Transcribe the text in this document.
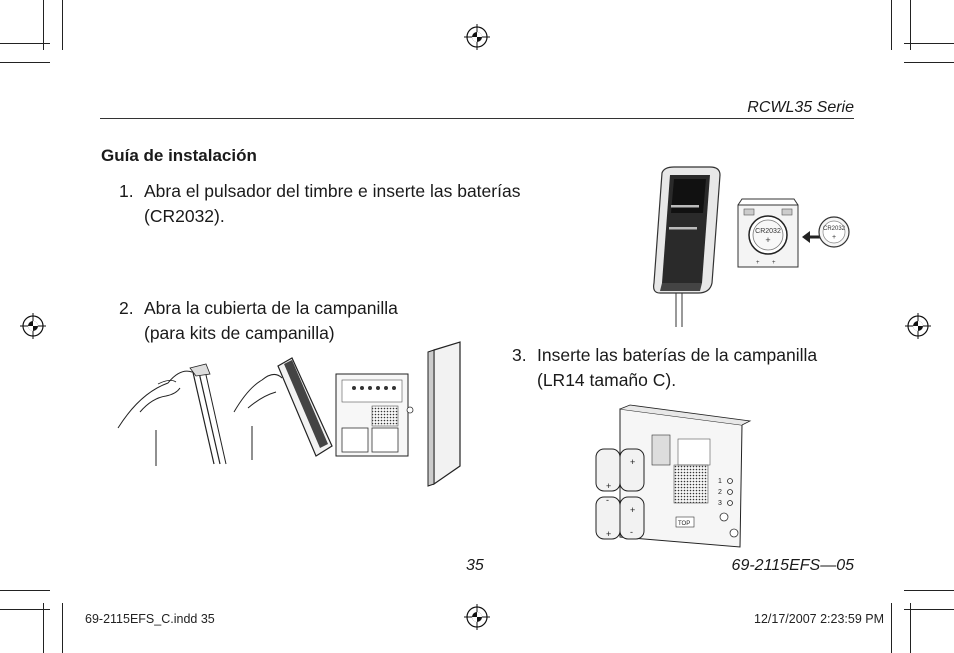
RCWL35 Serie
Guía de instalación
1. Abra el pulsador del timbre e inserte las baterías
(CR2032).
2. Abra la cubierta de la campanilla
(para kits de campanilla)
3. Inserte las baterías de la campanilla
(LR14 tamaño C).
CR2032
+
+ +
CR2032
+
+
+
+
+
-
-
1
2
3
TOP
35	69-2115EFS—05
69-2115EFS_C.indd 35	12/17/2007 2:23:59 PM
